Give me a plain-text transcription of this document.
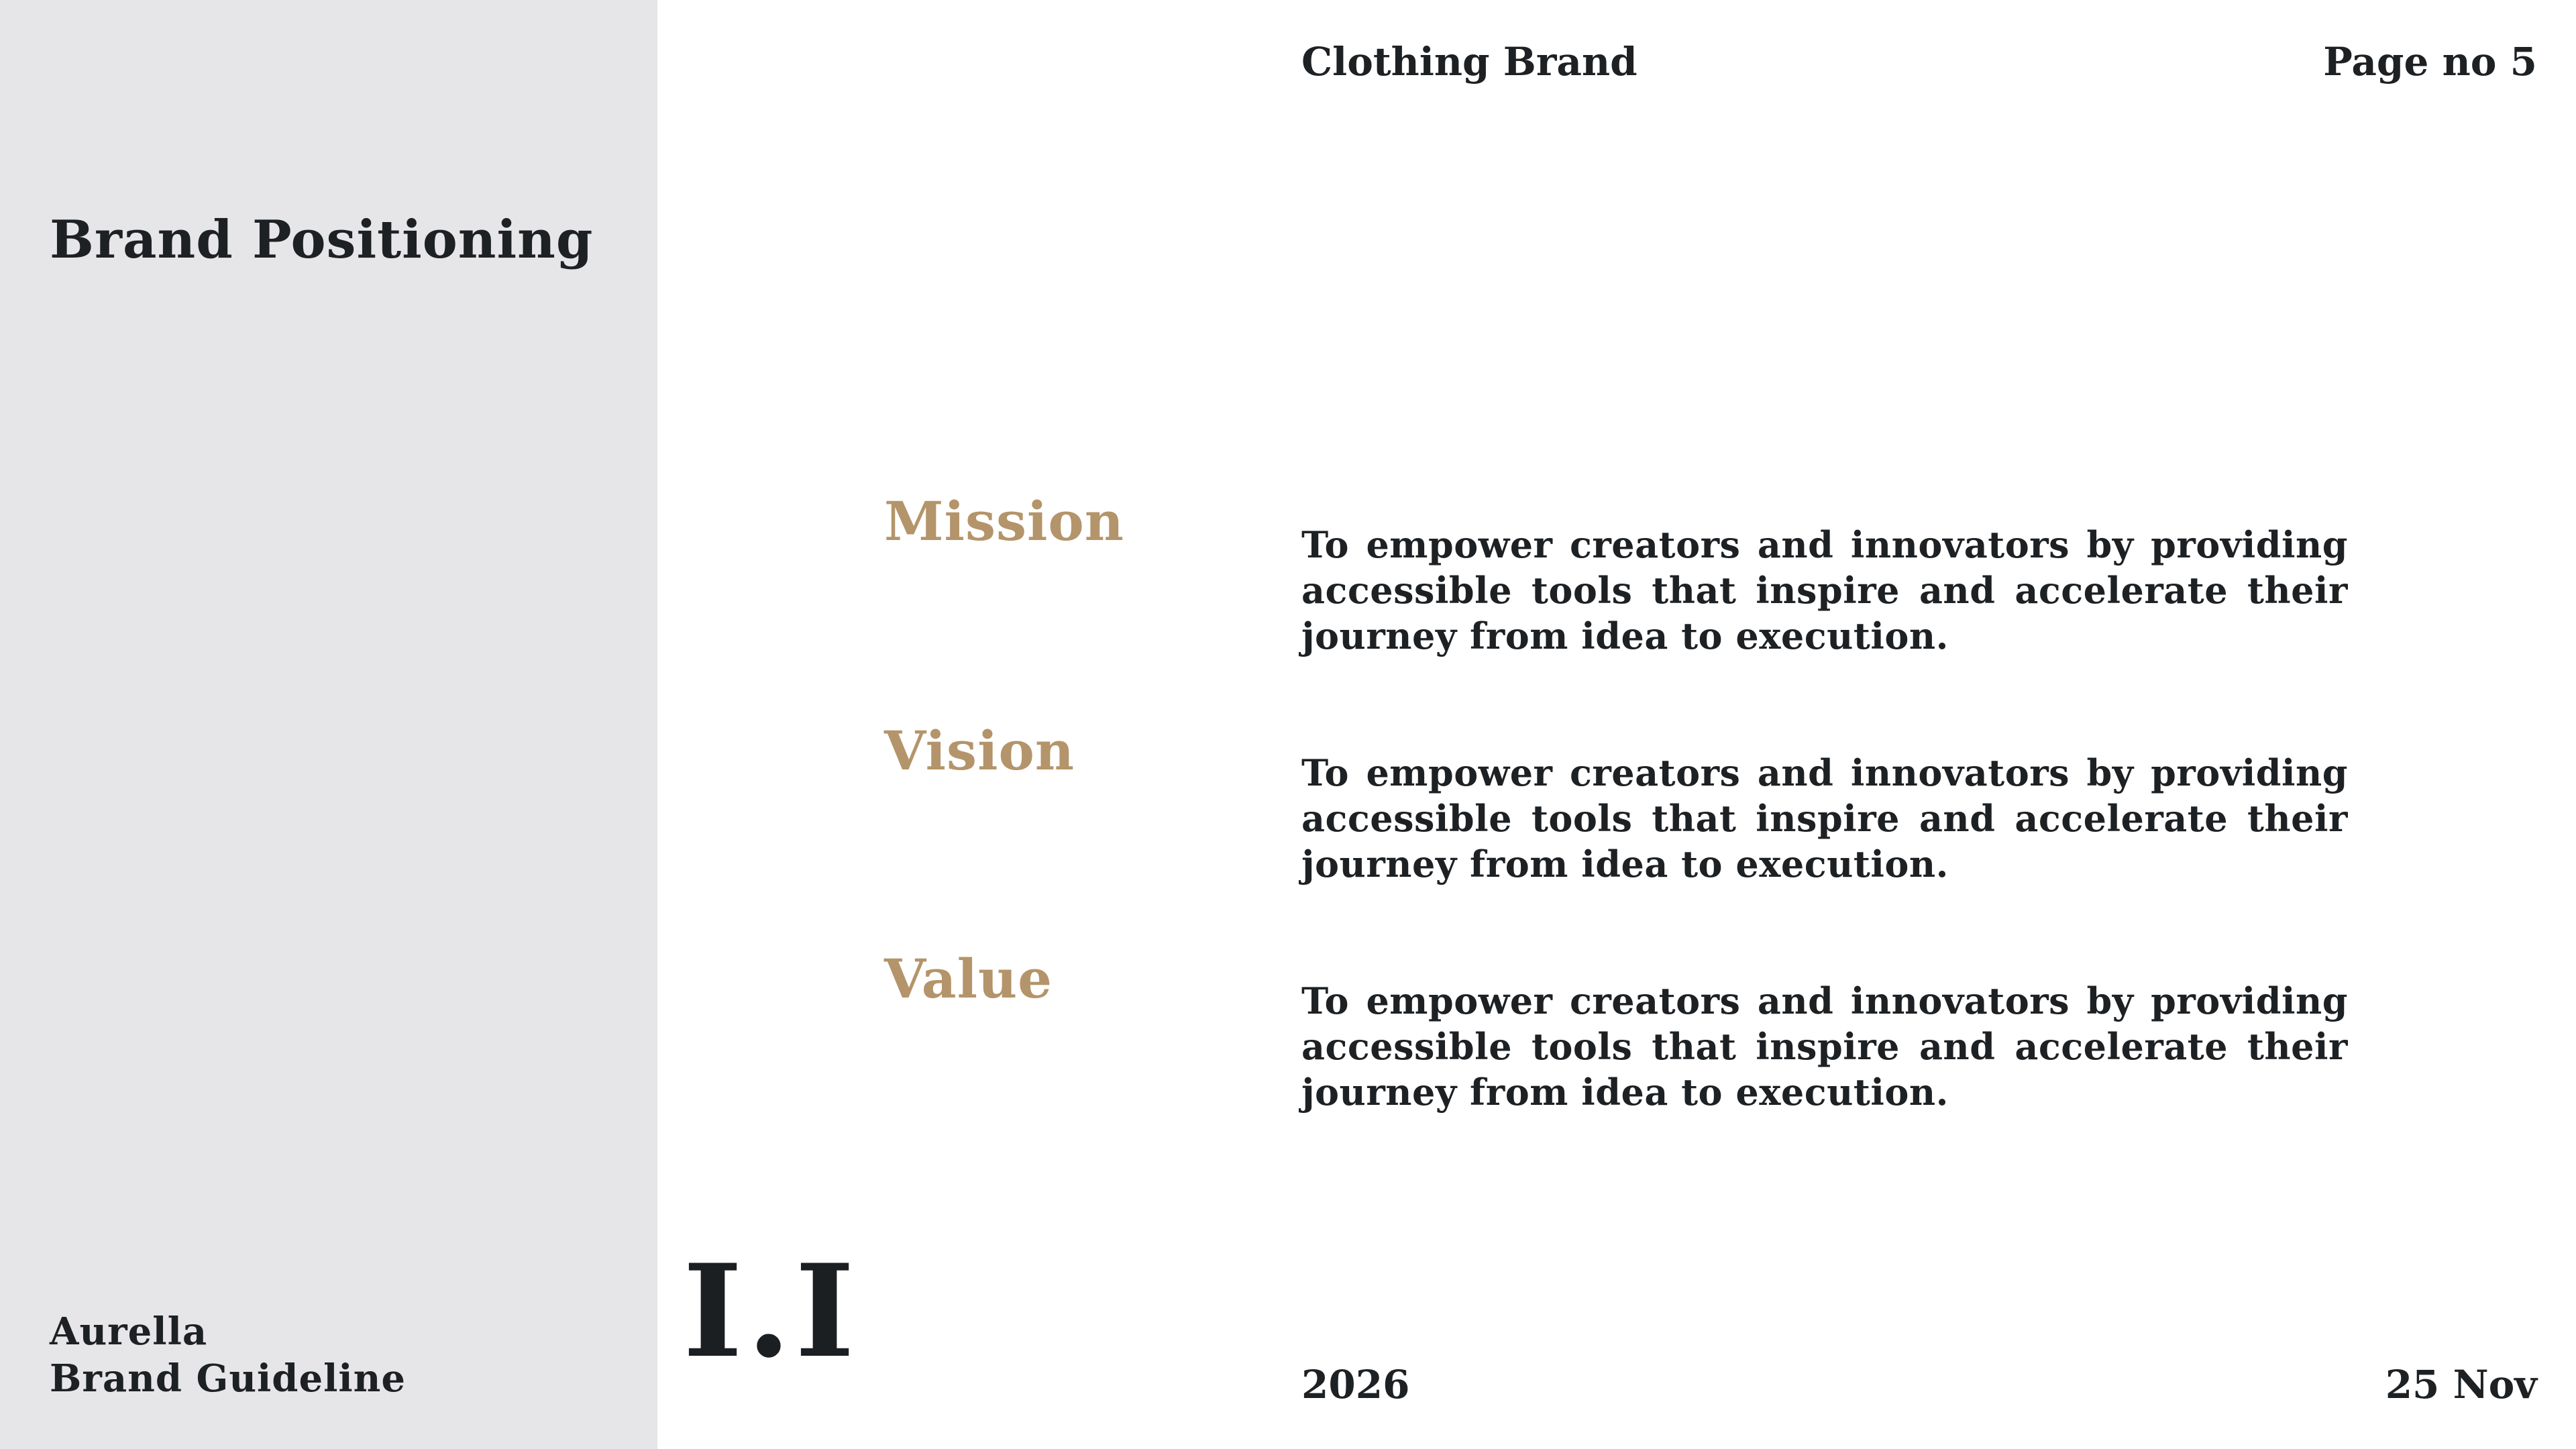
Brand Positioning
Aurella
Brand Guideline
Clothing Brand	Page no 5
Mission	To empower creators and innovators by providing accessible tools that inspire and accelerate their journey from idea to execution.
Vision	To empower creators and innovators by providing accessible tools that inspire and accelerate their journey from idea to execution.
Value	To empower creators and innovators by providing accessible tools that inspire and accelerate their journey from idea to execution.
I.I	2026	25 Nov
